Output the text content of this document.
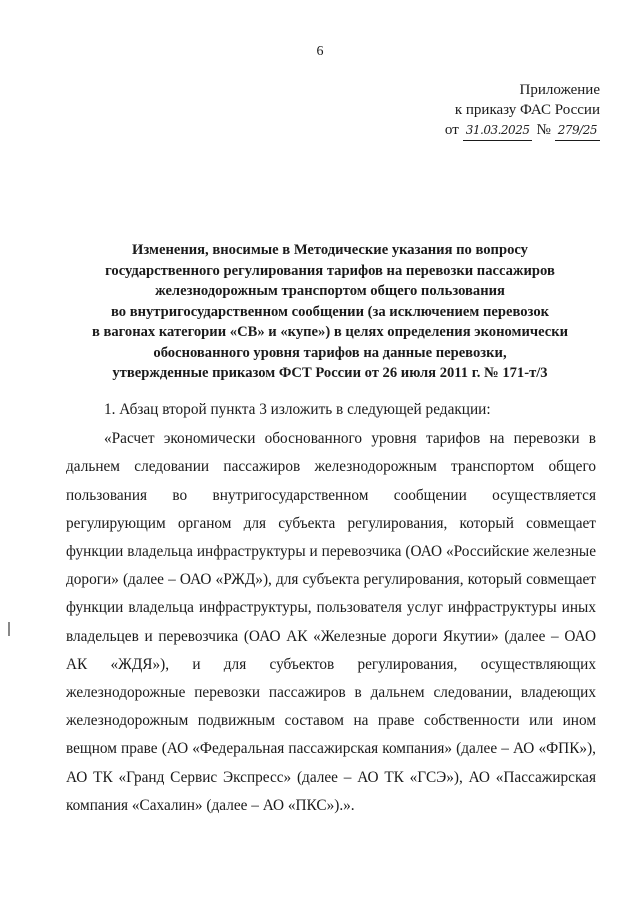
6
Приложение
к приказу ФАС России
от 31.03.2025 № 279/25
Изменения, вносимые в Методические указания по вопросу
государственного регулирования тарифов на перевозки пассажиров
железнодорожным транспортом общего пользования
во внутригосударственном сообщении (за исключением перевозок
в вагонах категории «СВ» и «купе») в целях определения экономически
обоснованного уровня тарифов на данные перевозки,
утвержденные приказом ФСТ России от 26 июля 2011 г. № 171-т/3

1. Абзац второй пункта 3 изложить в следующей редакции:

«Расчет экономически обоснованного уровня тарифов на перевозки в дальнем следовании пассажиров железнодорожным транспортом общего пользования во внутригосударственном сообщении осуществляется регулирующим органом для субъекта регулирования, который совмещает функции владельца инфраструктуры и перевозчика (ОАО «Российские железные дороги» (далее – ОАО «РЖД»), для субъекта регулирования, который совмещает функции владельца инфраструктуры, пользователя услуг инфраструктуры иных владельцев и перевозчика (ОАО АК «Железные дороги Якутии» (далее – ОАО АК «ЖДЯ»), и для субъектов регулирования, осуществляющих железнодорожные перевозки пассажиров в дальнем следовании, владеющих железнодорожным подвижным составом на праве собственности или ином вещном праве (АО «Федеральная пассажирская компания» (далее – АО «ФПК»), АО ТК «Гранд Сервис Экспресс» (далее – АО ТК «ГСЭ»), АО «Пассажирская компания «Сахалин» (далее – АО «ПКС»).».
